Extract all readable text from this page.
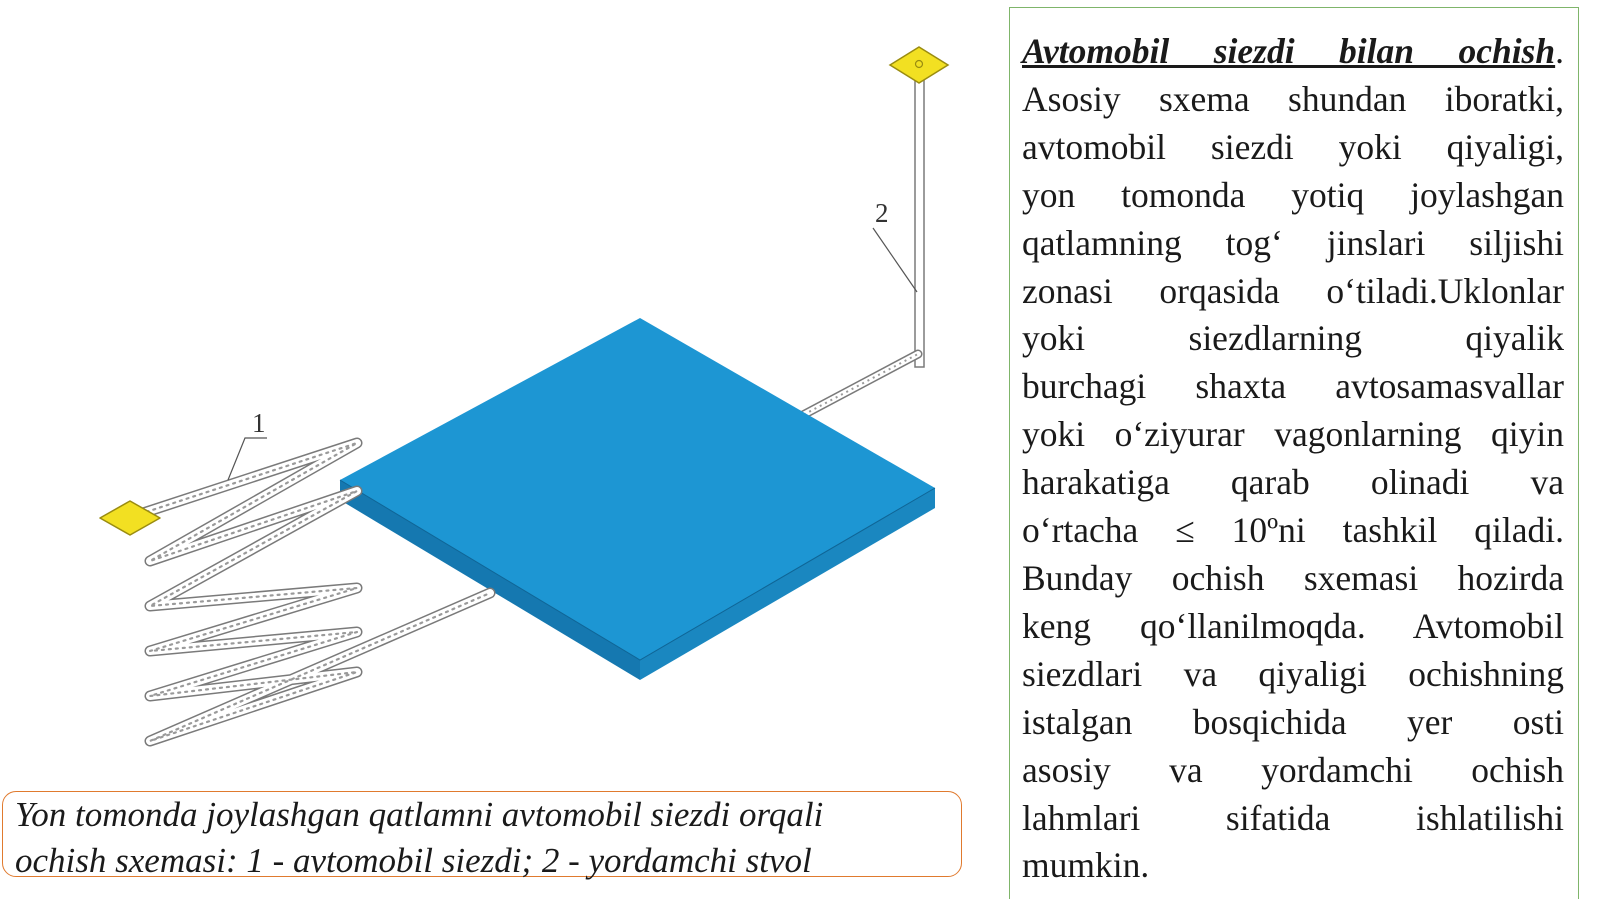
1
2
Yon tomonda joylashgan qatlamni avtomobil siezdi orqali
ochish sxemasi: 1 - avtomobil siezdi; 2 - yordamchi stvol
Avtomobil siezdi bilan ochish.
Asosiy sxema shundan iboratki,
avtomobil siezdi yoki qiyaligi,
yon tomonda yotiq joylashgan
qatlamning tog‘ jinslari siljishi
zonasi orqasida o‘tiladi.Uklonlar
yoki siezdlarning qiyalik
burchagi shaxta avtosamasvallar
yoki o‘ziyurar vagonlarning qiyin
harakatiga qarab olinadi va
o‘rtacha ≤ 10ºni tashkil qiladi.
Bunday ochish sxemasi hozirda
keng qo‘llanilmoqda. Avtomobil
siezdlari va qiyaligi ochishning
istalgan bosqichida yer osti
asosiy va yordamchi ochish
lahmlari sifatida ishlatilishi
mumkin.
